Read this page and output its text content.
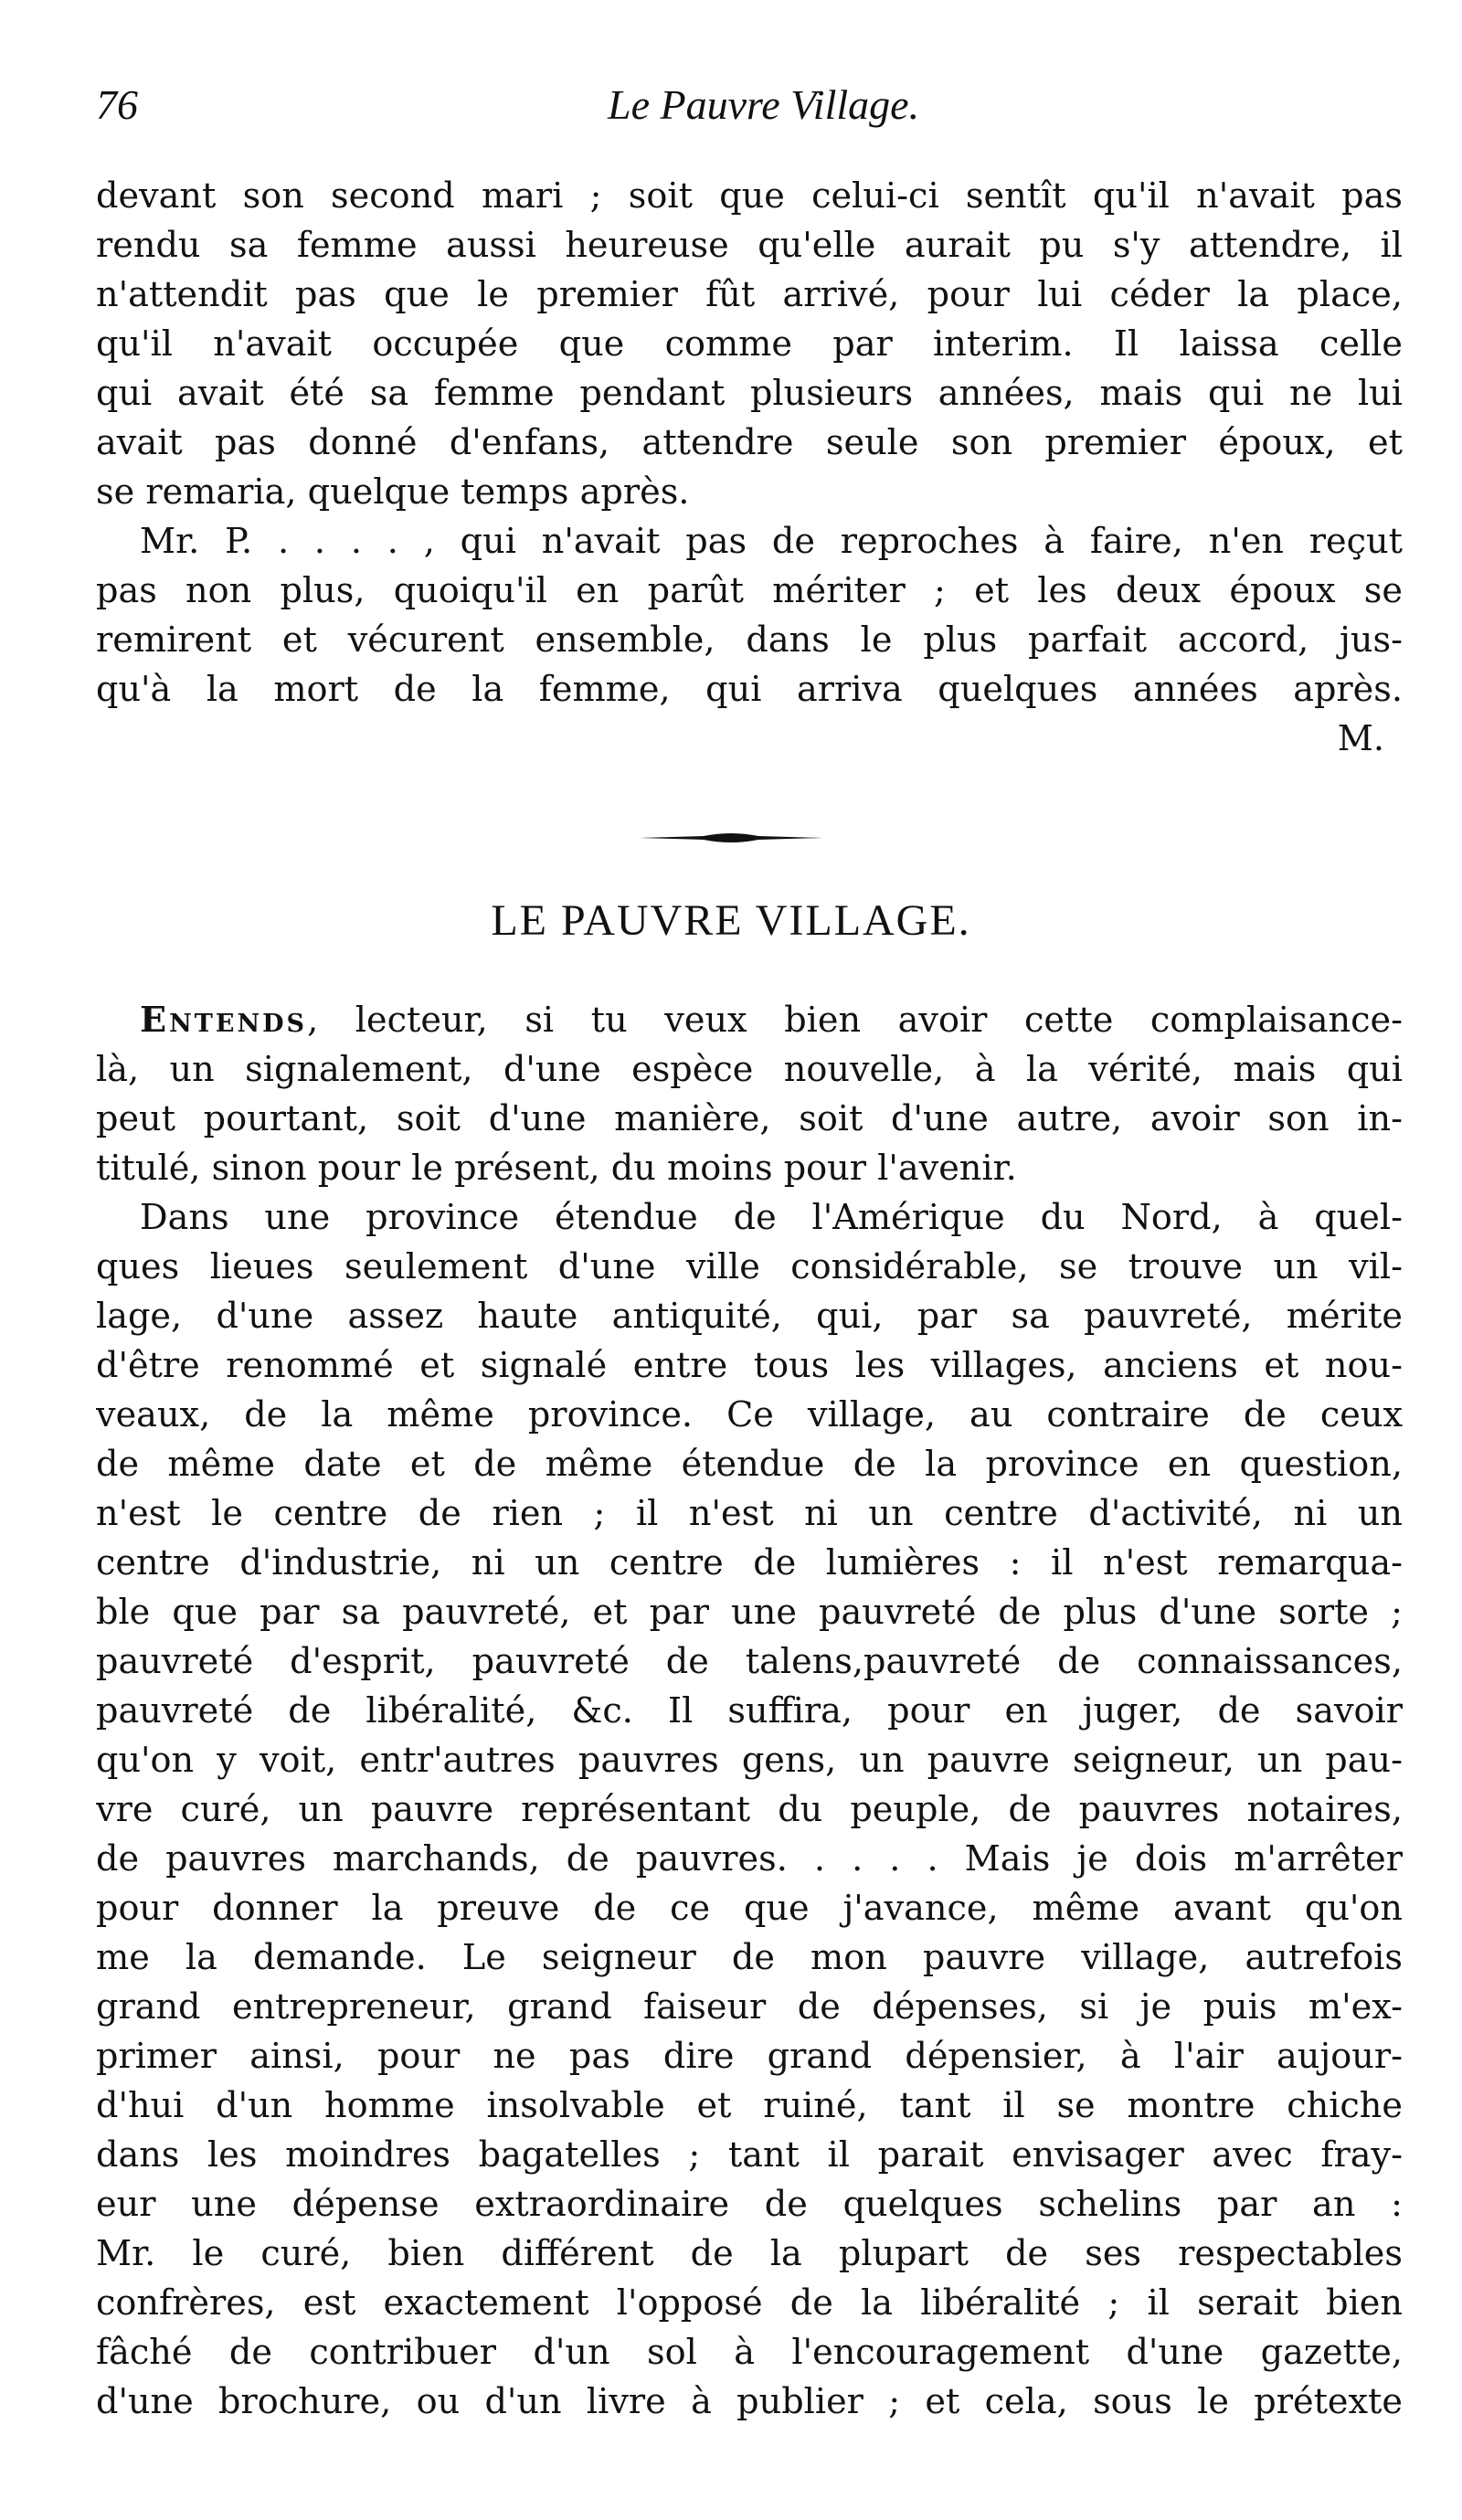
76	Le Pauvre Village.
devant son second mari ; soit que celui-ci sentît qu'il n'avait pas
rendu sa femme aussi heureuse qu'elle aurait pu s'y attendre, il
n'attendit pas que le premier fût arrivé, pour lui céder la place,
qu'il n'avait occupée que comme par interim. Il laissa celle
qui avait été sa femme pendant plusieurs années, mais qui ne lui
avait pas donné d'enfans, attendre seule son premier époux, et
se remaria, quelque temps après.
Mr. P. . . . . , qui n'avait pas de reproches à faire, n'en reçut
pas non plus, quoiqu'il en parût mériter ; et les deux époux se
remirent et vécurent ensemble, dans le plus parfait accord, jus-
qu'à la mort de la femme, qui arriva quelques années après.
M.
LE PAUVRE VILLAGE.
Entends, lecteur, si tu veux bien avoir cette complaisance-
là, un signalement, d'une espèce nouvelle, à la vérité, mais qui
peut pourtant, soit d'une manière, soit d'une autre, avoir son in-
titulé, sinon pour le présent, du moins pour l'avenir.
Dans une province étendue de l'Amérique du Nord, à quel-
ques lieues seulement d'une ville considérable, se trouve un vil-
lage, d'une assez haute antiquité, qui, par sa pauvreté, mérite
d'être renommé et signalé entre tous les villages, anciens et nou-
veaux, de la même province. Ce village, au contraire de ceux
de même date et de même étendue de la province en question,
n'est le centre de rien ; il n'est ni un centre d'activité, ni un
centre d'industrie, ni un centre de lumières : il n'est remarqua-
ble que par sa pauvreté, et par une pauvreté de plus d'une sorte ;
pauvreté d'esprit, pauvreté de talens,pauvreté de connaissances,
pauvreté de libéralité, &c. Il suffira, pour en juger, de savoir
qu'on y voit, entr'autres pauvres gens, un pauvre seigneur, un pau-
vre curé, un pauvre représentant du peuple, de pauvres notaires,
de pauvres marchands, de pauvres. . . . . Mais je dois m'arrêter
pour donner la preuve de ce que j'avance, même avant qu'on
me la demande. Le seigneur de mon pauvre village, autrefois
grand entrepreneur, grand faiseur de dépenses, si je puis m'ex-
primer ainsi, pour ne pas dire grand dépensier, à l'air aujour-
d'hui d'un homme insolvable et ruiné, tant il se montre chiche
dans les moindres bagatelles ; tant il parait envisager avec fray-
eur une dépense extraordinaire de quelques schelins par an :
Mr. le curé, bien différent de la plupart de ses respectables
confrères, est exactement l'opposé de la libéralité ; il serait bien
fâché de contribuer d'un sol à l'encouragement d'une gazette,
d'une brochure, ou d'un livre à publier ; et cela, sous le prétexte
